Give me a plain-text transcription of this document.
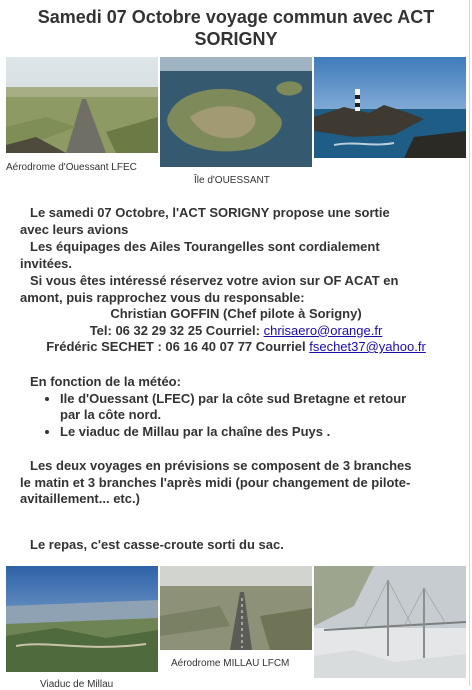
Samedi 07 Octobre voyage commun avec ACT
SORIGNY
Aérodrome d'Ouessant LFEC
Île d'OUESSANT

Le samedi 07 Octobre, l'ACT SORIGNY propose une sortie

avec leurs avions

Les équipages des Ailes Tourangelles sont cordialement

invitées.

Si vous êtes intéressé réservez votre avion sur OF ACAT en

amont, puis rapprochez vous du responsable:

Christian GOFFIN (Chef pilote à Sorigny)

Tel: 06 32 29 32 25 Courriel: chrisaero@orange.fr

Frédéric SECHET : 06 16 40 07 77 Courriel fsechet37@yahoo.fr

En fonction de la météo:

• Ile d'Ouessant (LFEC) par la côte sud Bretagne et retour
par la côte nord.
• Le viaduc de Millau par la chaîne des Puys .

Les deux voyages en prévisions se composent de 3 branches

le matin et 3 branches l'après midi (pour changement de pilote-

avitaillement... etc.)

Le repas, c'est casse-croute sorti du sac.

Viaduc de Millau
Aérodrome MILLAU LFCM
